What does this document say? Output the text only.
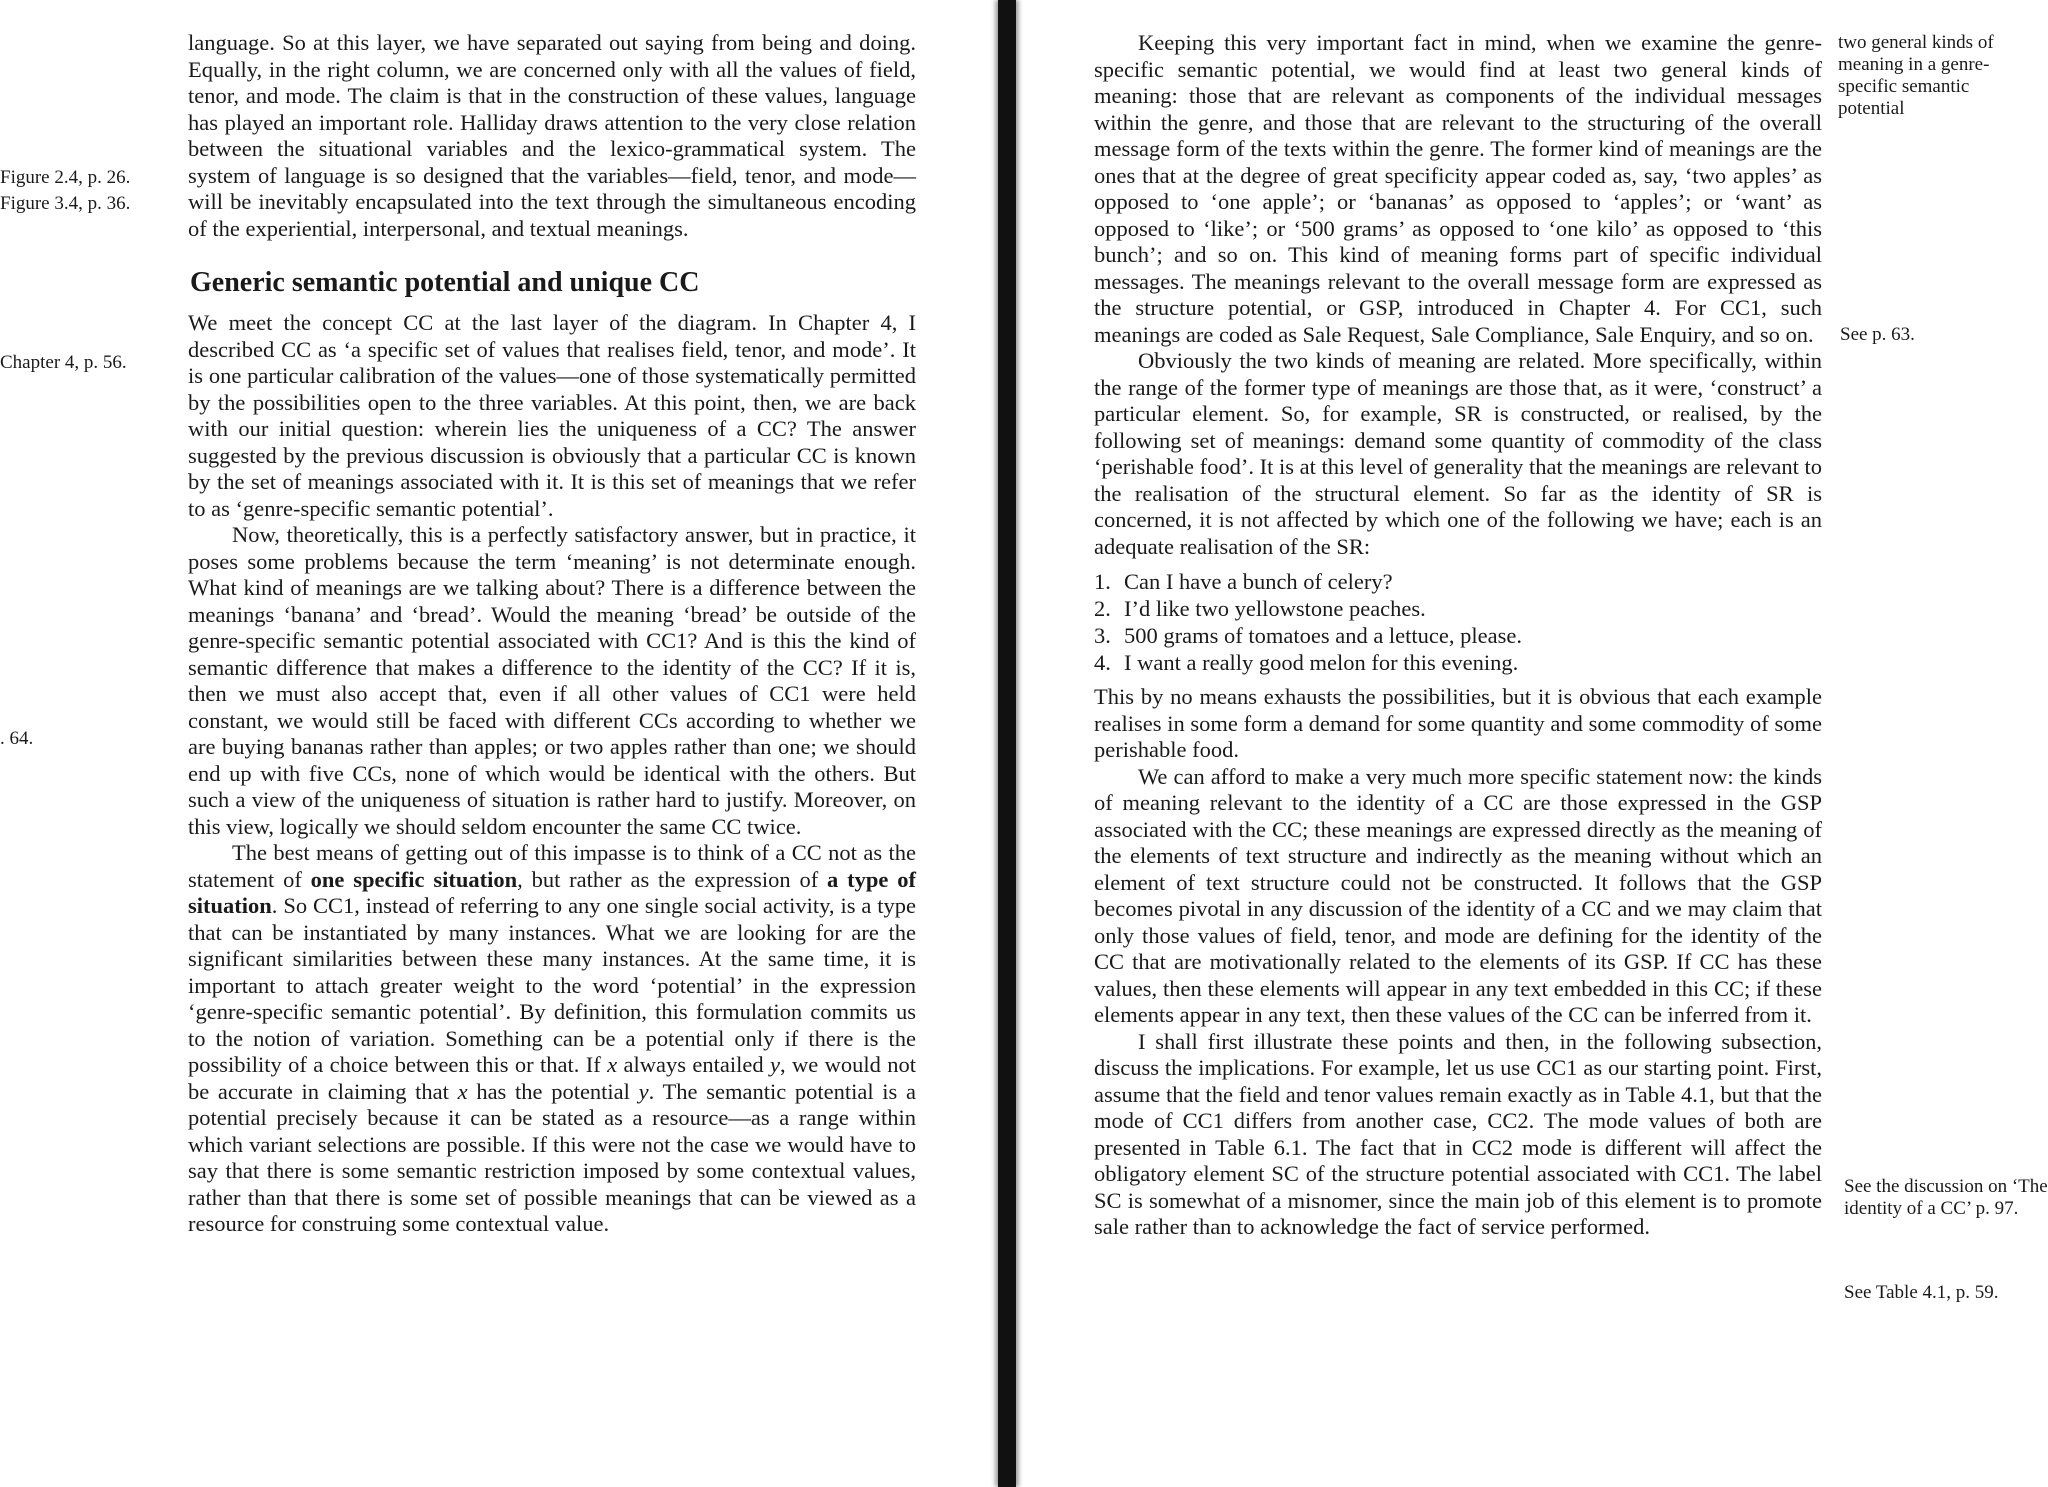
Figure 2.4, p. 26.
Figure 3.4, p. 36.
Chapter 4, p. 56.
. 64.

language. So at this layer, we have separated out saying from being and doing. Equally, in the right column, we are concerned only with all the values of field, tenor, and mode. The claim is that in the construction of these values, language has played an important role. Halliday draws attention to the very close relation between the situational variables and the lexico-grammatical system. The system of language is so designed that the variables—field, tenor, and mode—will be inevitably encapsulated into the text through the simultaneous encoding of the experiential, interpersonal, and textual meanings.

Generic semantic potential and unique CC

We meet the concept CC at the last layer of the diagram. In Chapter 4, I described CC as ‘a specific set of values that realises field, tenor, and mode’. It is one particular calibration of the values—one of those systematically permitted by the possibilities open to the three variables. At this point, then, we are back with our initial question: wherein lies the uniqueness of a CC? The answer suggested by the previous discussion is obviously that a particular CC is known by the set of meanings associated with it. It is this set of meanings that we refer to as ‘genre-specific semantic potential’.

Now, theoretically, this is a perfectly satisfactory answer, but in practice, it poses some problems because the term ‘meaning’ is not determinate enough. What kind of meanings are we talking about? There is a difference between the meanings ‘banana’ and ‘bread’. Would the meaning ‘bread’ be outside of the genre-specific semantic potential associated with CC1? And is this the kind of semantic difference that makes a difference to the identity of the CC? If it is, then we must also accept that, even if all other values of CC1 were held constant, we would still be faced with different CCs according to whether we are buying bananas rather than apples; or two apples rather than one; we should end up with five CCs, none of which would be identical with the others. But such a view of the uniqueness of situation is rather hard to justify. Moreover, on this view, logically we should seldom encounter the same CC twice.

The best means of getting out of this impasse is to think of a CC not as the statement of one specific situation, but rather as the expression of a type of situation. So CC1, instead of referring to any one single social activity, is a type that can be instantiated by many instances. What we are looking for are the significant similarities between these many instances. At the same time, it is important to attach greater weight to the word ‘potential’ in the expression ‘genre-specific semantic potential’. By definition, this formulation commits us to the notion of variation. Something can be a potential only if there is the possibility of a choice between this or that. If x always entailed y, we would not be accurate in claiming that x has the potential y. The semantic potential is a potential precisely because it can be stated as a resource—as a range within which variant selections are possible. If this were not the case we would have to say that there is some semantic restriction imposed by some contextual values, rather than that there is some set of possible meanings that can be viewed as a resource for construing some contextual value.

Keeping this very important fact in mind, when we examine the genre-specific semantic potential, we would find at least two general kinds of meaning: those that are relevant as components of the individual messages within the genre, and those that are relevant to the structuring of the overall message form of the texts within the genre. The former kind of meanings are the ones that at the degree of great specificity appear coded as, say, ‘two apples’ as opposed to ‘one apple’; or ‘bananas’ as opposed to ‘apples’; or ‘want’ as opposed to ‘like’; or ‘500 grams’ as opposed to ‘one kilo’ as opposed to ‘this bunch’; and so on. This kind of meaning forms part of specific individual messages. The meanings relevant to the overall message form are expressed as the structure potential, or GSP, introduced in Chapter 4. For CC1, such meanings are coded as Sale Request, Sale Compliance, Sale Enquiry, and so on.

Obviously the two kinds of meaning are related. More specifically, within the range of the former type of meanings are those that, as it were, ‘construct’ a particular element. So, for example, SR is constructed, or realised, by the following set of meanings: demand some quantity of commodity of the class ‘perishable food’. It is at this level of generality that the meanings are relevant to the realisation of the structural element. So far as the identity of SR is concerned, it is not affected by which one of the following we have; each is an adequate realisation of the SR:

1. Can I have a bunch of celery?
2. I’d like two yellowstone peaches.
3. 500 grams of tomatoes and a lettuce, please.
4. I want a really good melon for this evening.

This by no means exhausts the possibilities, but it is obvious that each example realises in some form a demand for some quantity and some commodity of some perishable food.

We can afford to make a very much more specific statement now: the kinds of meaning relevant to the identity of a CC are those expressed in the GSP associated with the CC; these meanings are expressed directly as the meaning of the elements of text structure and indirectly as the meaning without which an element of text structure could not be constructed. It follows that the GSP becomes pivotal in any discussion of the identity of a CC and we may claim that only those values of field, tenor, and mode are defining for the identity of the CC that are motivationally related to the elements of its GSP. If CC has these values, then these elements will appear in any text embedded in this CC; if these elements appear in any text, then these values of the CC can be inferred from it.

I shall first illustrate these points and then, in the following subsection, discuss the implications. For example, let us use CC1 as our starting point. First, assume that the field and tenor values remain exactly as in Table 4.1, but that the mode of CC1 differs from another case, CC2. The mode values of both are presented in Table 6.1. The fact that in CC2 mode is different will affect the obligatory element SC of the structure potential associated with CC1. The label SC is somewhat of a misnomer, since the main job of this element is to promote sale rather than to acknowledge the fact of service performed.

two general kinds of meaning in a genre-specific semantic potential
See p. 63.
See the discussion on ‘The identity of a CC’ p. 97.
See Table 4.1, p. 59.
